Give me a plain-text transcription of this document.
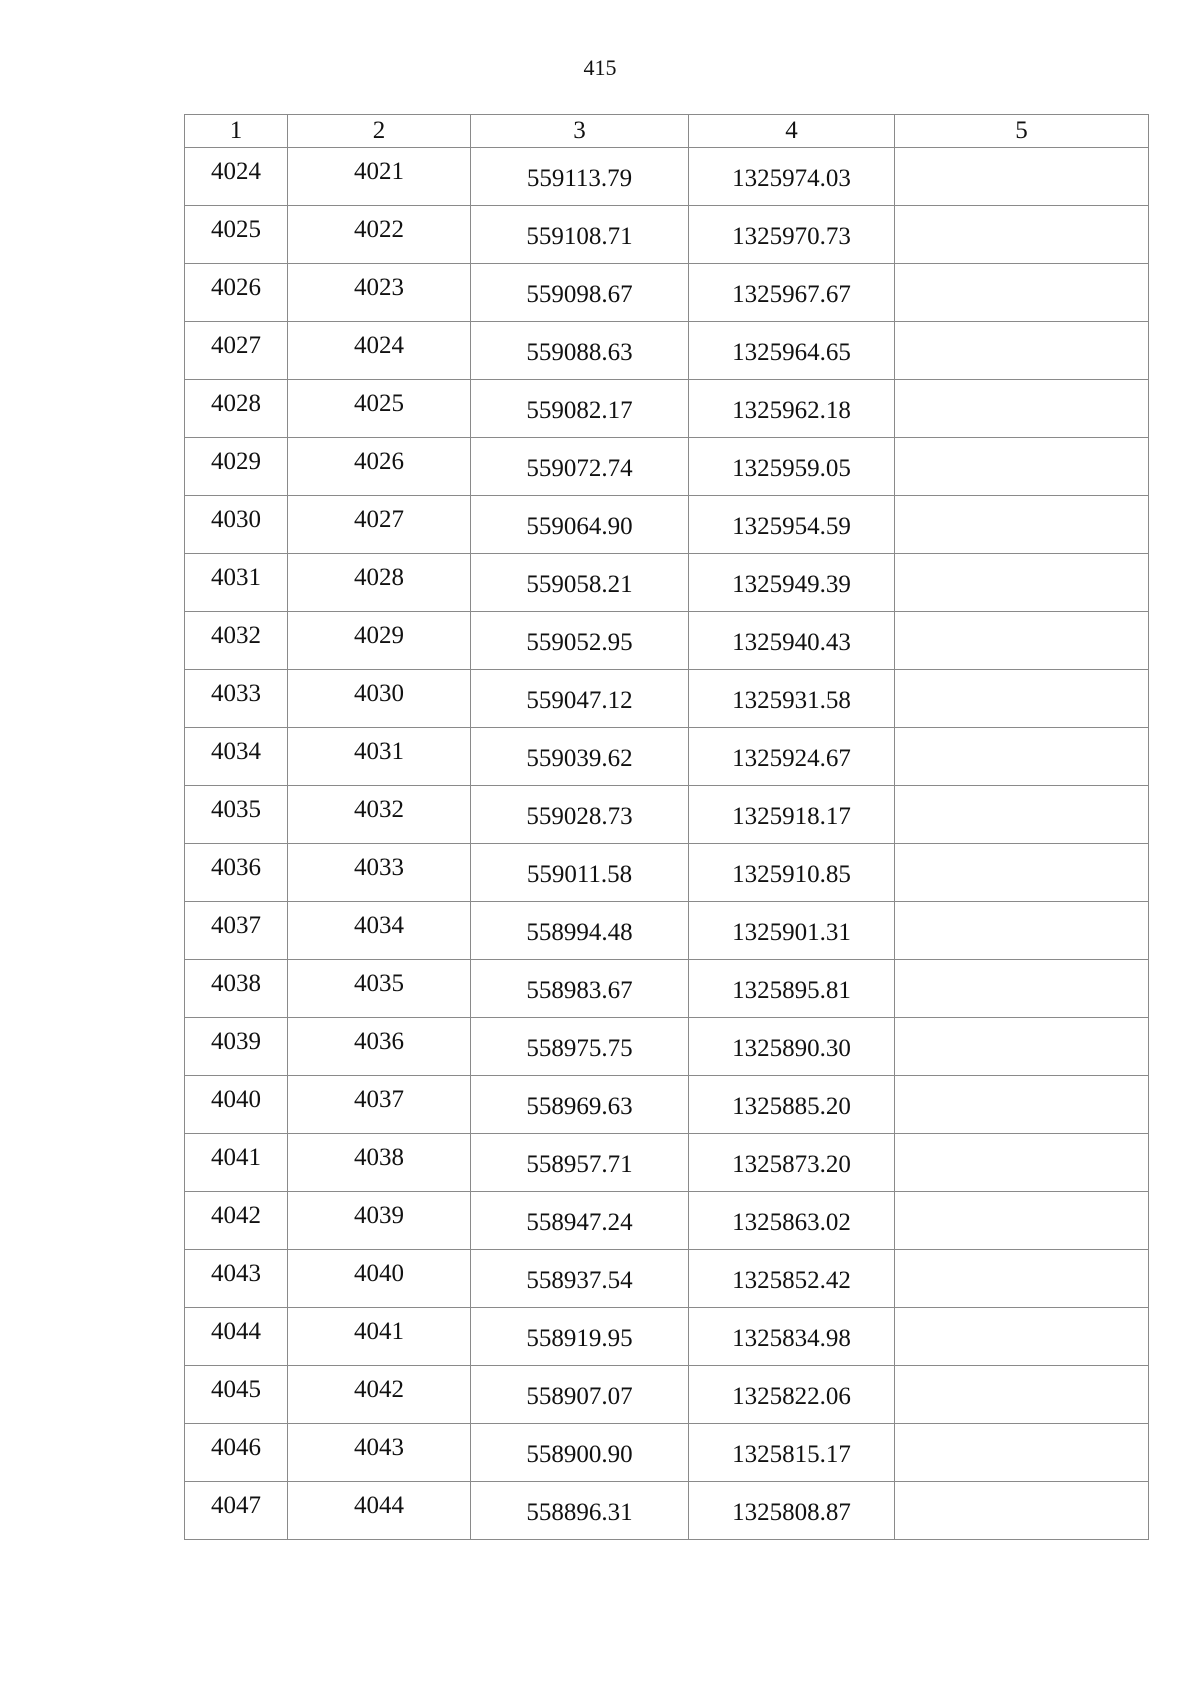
415
1	2	3	4	5
4024	4021	559113.79	1325974.03	
4025	4022	559108.71	1325970.73	
4026	4023	559098.67	1325967.67	
4027	4024	559088.63	1325964.65	
4028	4025	559082.17	1325962.18	
4029	4026	559072.74	1325959.05	
4030	4027	559064.90	1325954.59	
4031	4028	559058.21	1325949.39	
4032	4029	559052.95	1325940.43	
4033	4030	559047.12	1325931.58	
4034	4031	559039.62	1325924.67	
4035	4032	559028.73	1325918.17	
4036	4033	559011.58	1325910.85	
4037	4034	558994.48	1325901.31	
4038	4035	558983.67	1325895.81	
4039	4036	558975.75	1325890.30	
4040	4037	558969.63	1325885.20	
4041	4038	558957.71	1325873.20	
4042	4039	558947.24	1325863.02	
4043	4040	558937.54	1325852.42	
4044	4041	558919.95	1325834.98	
4045	4042	558907.07	1325822.06	
4046	4043	558900.90	1325815.17	
4047	4044	558896.31	1325808.87	
